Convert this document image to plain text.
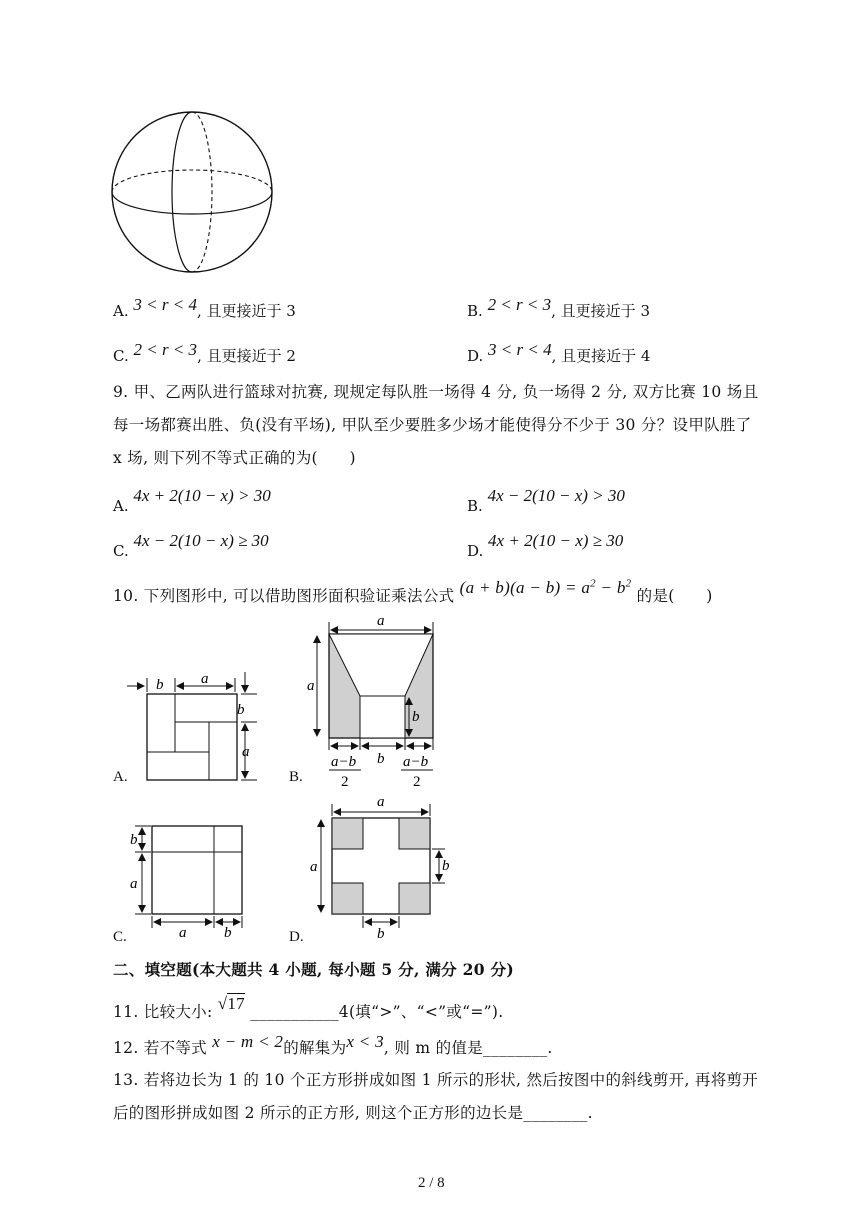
A. 3 < r < 4, 且更接近于 3	B. 2 < r < 3, 且更接近于 3
C. 2 < r < 3, 且更接近于 2	D. 3 < r < 4, 且更接近于 4
9. 甲、乙两队进行篮球对抗赛, 现规定每队胜一场得 4 分, 负一场得 2 分, 双方比赛 10 场且
每一场都赛出胜、负(没有平场), 甲队至少要胜多少场才能使得分不少于 30 分？设甲队胜了
x 场, 则下列不等式正确的为(　　)
A. 4x + 2(10 − x) > 30
B. 4x − 2(10 − x) > 30
C. 4x − 2(10 − x) ≥ 30
D. 4x + 2(10 − x) ≥ 30
10. 下列图形中, 可以借助图形面积验证乘法公式 $(a + b)(a - b) = a^2 - b^2$ 的是(　　)
b	a
b
a
A.
a
a
b
a−b
2
b a−b
2
B.
b
a
a	b
C.
a
a	b
b
D.
二、填空题(本大题共 4 小题, 每小题 5 分, 满分 20 分)
11. 比较大小: √17 ___________4(填“>”、“<”或“=”).
12. 若不等式 x − m < 2的解集为x < 3, 则 m 的值是________.
13. 若将边长为 1 的 10 个正方形拼成如图 1 所示的形状, 然后按图中的斜线剪开, 再将剪开
后的图形拼成如图 2 所示的正方形, 则这个正方形的边长是________.
2 / 8
